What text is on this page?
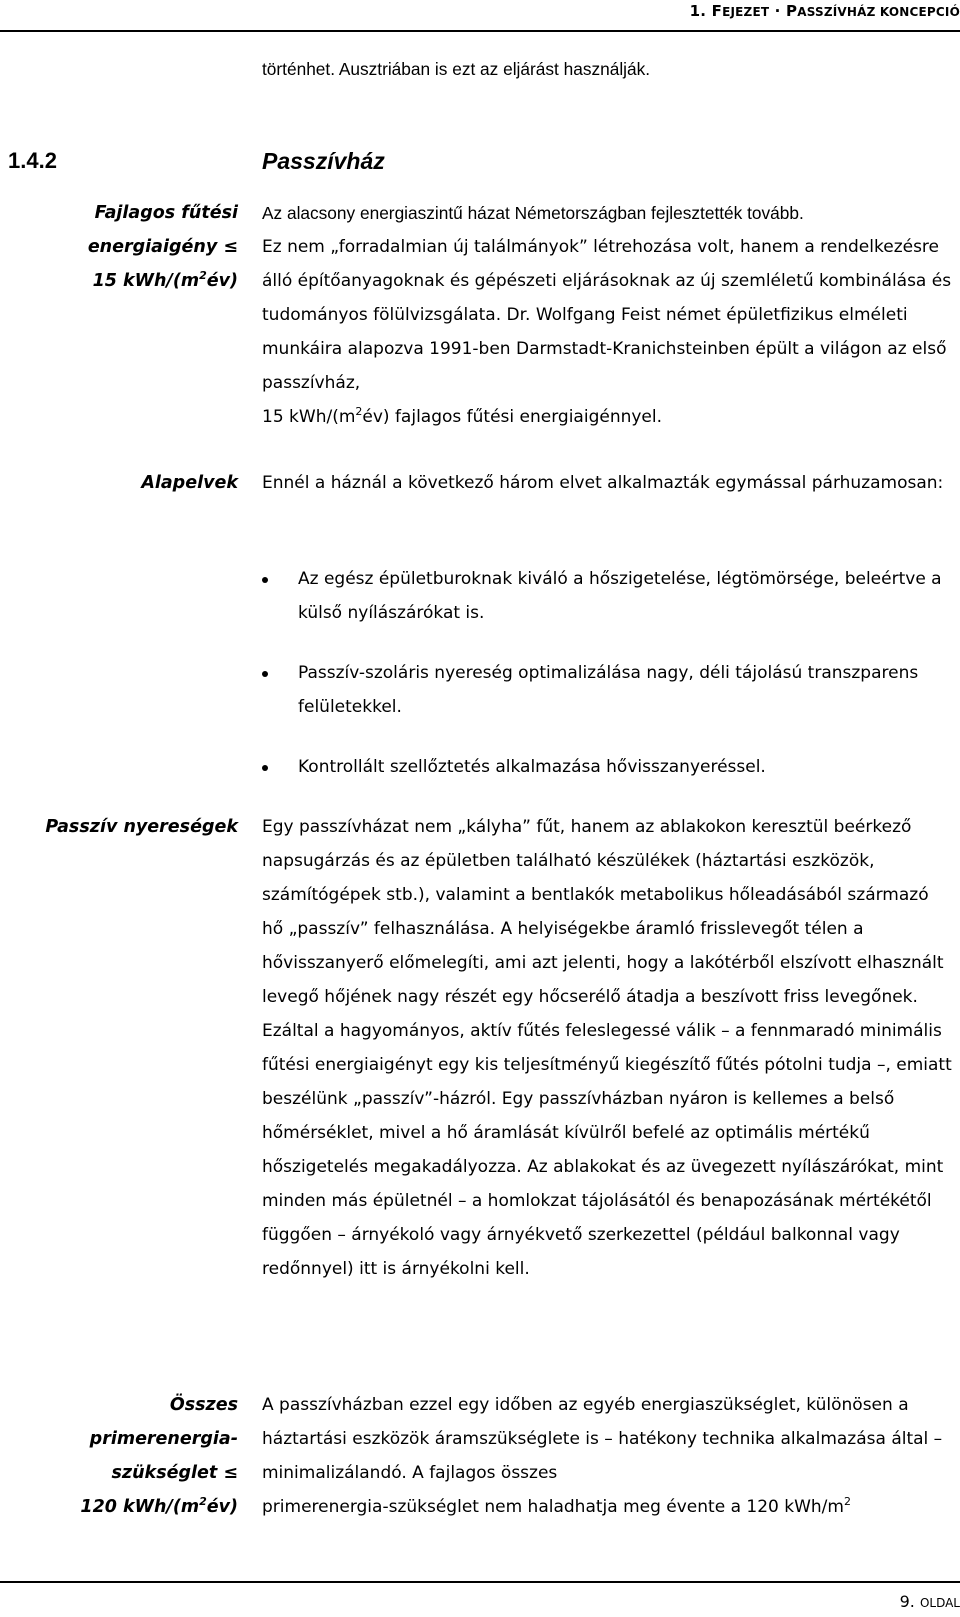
1. FEJEZET · PASSZÍVHÁZ KONCEPCIÓ
történhet. Ausztriában is ezt az eljárást használják.
1.4.2	Passzívház
Fajlagos fűtési
energiaigény ≤
15 kWh/$(m^2év)$
Az alacsony energiaszintű házat Németországban fejlesztették tovább.
Ez nem „forradalmian új találmányok” létrehozása volt, hanem a rendelkezésre álló építőanyagoknak és gépészeti eljárásoknak az új szemléletű kombinálása és tudományos fölülvizsgálata. Dr. Wolfgang Feist német épületfizikus elméleti munkáira alapozva 1991-ben Darmstadt-Kranichsteinben épült a világon az első passzívház,
15 kWh/$(m^2év)$ fajlagos fűtési energiaigénnyel.
Alapelvek Ennél a háznál a következő három elvet alkalmazták egymással párhuzamosan:
Az egész épületburoknak kiváló a hőszigetelése, légtömörsége, beleértve a külső nyílászárókat is.
Passzív-szoláris nyereség optimalizálása nagy, déli tájolású transzparens felületekkel.
Kontrollált szellőztetés alkalmazása hővisszanyeréssel.
Passzív nyereségek Egy passzívházat nem „kályha” fűt, hanem az ablakokon keresztül beérkező napsugárzás és az épületben található készülékek (háztartási eszközök, számítógépek stb.), valamint a bentlakók metabolikus hőleadásából származó hő „passzív” felhasználása. A helyiségekbe áramló frisslevegőt télen a hővisszanyerő előmelegíti, ami azt jelenti, hogy a lakótérből elszívott elhasznált levegő hőjének nagy részét egy hőcserélő átadja a beszívott friss levegőnek. Ezáltal a hagyományos, aktív fűtés feleslegessé válik – a fennmaradó minimális fűtési energiaigényt egy kis teljesítményű kiegészítő fűtés pótolni tudja –, emiatt beszélünk „passzív”-házról. Egy passzívházban nyáron is kellemes a belső hőmérséklet, mivel a hő áramlását kívülről befelé az optimális mértékű hőszigetelés megakadályozza. Az ablakokat és az üvegezett nyílászárókat, mint minden más épületnél – a homlokzat tájolásától és benapozásának mértékétől függően – árnyékoló vagy árnyékvető szerkezettel (például balkonnal vagy redőnnyel) itt is árnyékolni kell.
Összes
primerenergia-
szükséglet ≤
120 kWh/$(m^2év)$
A passzívházban ezzel egy időben az egyéb energiaszükséglet, különösen a háztartási eszközök áramszükséglete is – hatékony technika alkalmazása által – minimalizálandó. A fajlagos összes
primerenergia-szükséglet nem haladhatja meg évente a 120 kWh/$m^2$
9. OLDAL
